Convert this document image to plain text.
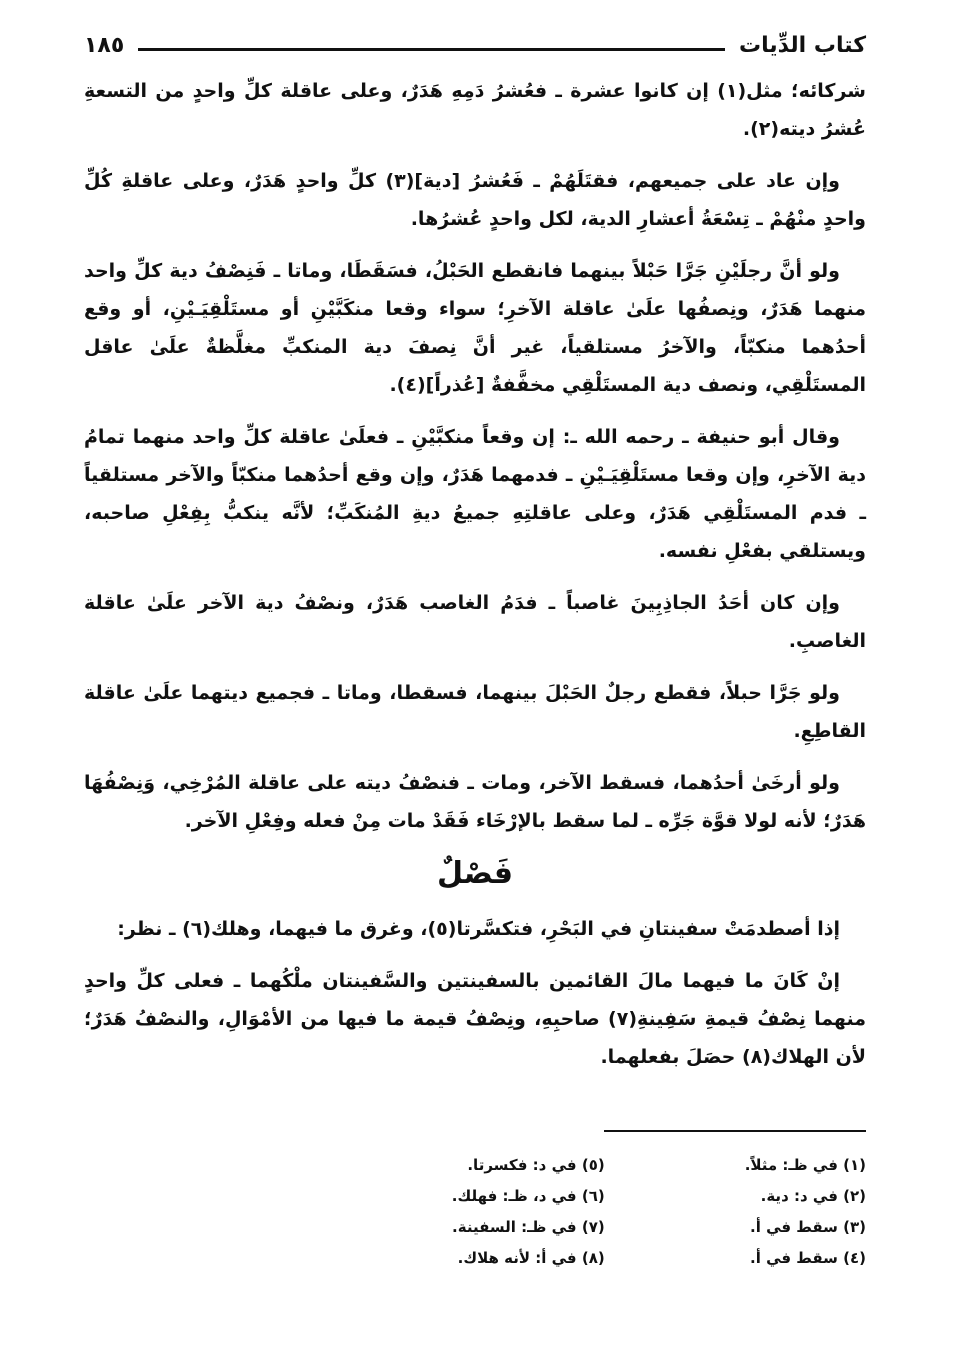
كتاب الدِّيات
١٨٥

شركائه؛ مثل(١) إن كانوا عشرة ـ فعُشرُ دَمِهِ هَدَرٌ، وعلى عاقلة كلِّ واحدٍ من التسعةِ عُشرُ ديته(٢).

وإن عاد على جميعهم، فقتَلَهُمْ ـ فَعُشرُ [دية](٣) كلِّ واحدٍ هَدَرٌ، وعلى عاقلةِ كُلِّ واحدٍ منْهُمْ ـ تِسْعَةُ أعشارِ الدية، لكل واحدٍ عُشرُها.

ولو أنَّ رجلَيْنِ جَرَّا حَبْلاً بينهما فانقطع الحَبْلُ، فسَقَطَا، وماتا ـ فَنِصْفُ دية كلِّ واحد منهما هَدَرٌ، ونِصفُها علَىٰ عاقلة الآخرِ؛ سواء وقعا منكَبَّيْنِ أو مستَلْقِيَـيْنِ، أو وقع أحدُهما منكبّاً، والآخرُ مستلقياً، غير أنَّ نِصفَ دية المنكبِّ مغلَّظةٌ علَىٰ عاقل المستَلْقِي، ونصف دية المستَلْقِي مخفَّفةٌ [عُذراً](٤).

وقال أبو حنيفة ـ رحمه الله ـ: إن وقعاً منكبَّيْنِ ـ فعلَىٰ عاقلة كلِّ واحد منهما تمامُ دية الآخرِ، وإن وقعا مستَلْقِيَـيْنِ ـ فدمهما هَدَرٌ، وإن وقع أحدُهما منكبّاً والآخر مستلقياً ـ فدم المستَلْقِي هَدَرٌ، وعلى عاقلتِهِ جميعُ ديةِ المُنكَبِّ؛ لأنَّه ينكبُّ بِفِعْلِ صاحبه، ويستلقي بفعْلِ نفسه.

وإن كان أحَدُ الجاذِبِينَ غاصباً ـ فدَمُ الغاصب هَدَرٌ، ونصْفُ دية الآخر علَىٰ عاقلة الغاصبِ.

ولو جَرَّا حبلاً، فقطع رجلٌ الحَبْلَ بينهما، فسقطا، وماتا ـ فجميع ديتهما علَىٰ عاقلة القاطِعِ.

ولو أرخَىٰ أحدُهما، فسقط الآخر، ومات ـ فنصْفُ ديته على عاقلة المُرْخِي، وَنِصْفُهَا هَدَرٌ؛ لأنه لولا قوَّة جَرِّه ـ لما سقط بالإرْخَاء فَقَدْ مات مِنْ فعله وفِعْلِ الآخر.

فَصْلٌ

إذا أصطدمَتْ سفينتانِ في البَحْرِ، فتكسَّرتا(٥)، وغرق ما فيهما، وهلك(٦) ـ نظر:

إنْ كَانَ ما فيهما مالَ القائمين بالسفينتين والسَّفينتان ملْكُهما ـ فعلى كلِّ واحدٍ منهما نِصْفُ قيمةِ سَفِينةِ(٧) صاحبِهِ، ونِصْفُ قيمة ما فيها من الأمْوَالِ، والنصْفُ هَدَرٌ؛ لأن الهلاك(٨) حصَلَ بفعلهما.

(١) في ظـ: مثلاً.
(٢) في د: دية.
(٣) سقط في أ.
(٤) سقط في أ.
(٥) في د: فكسرتا.
(٦) في د، ظـ: فهلك.
(٧) في ظـ: السفينة.
(٨) في أ: لأنه هلاك.
